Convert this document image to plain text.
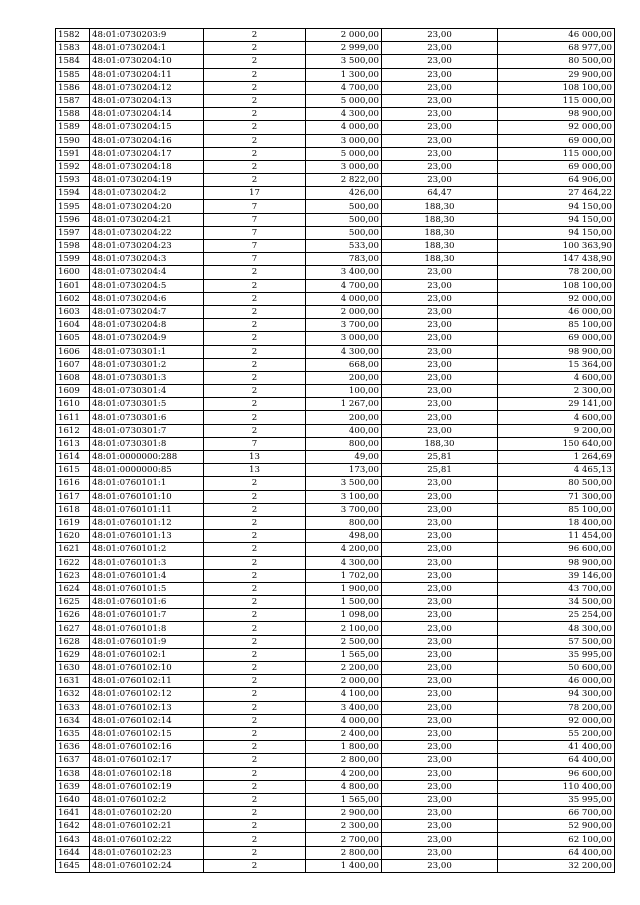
1582	48:01:0730203:9	2	2 000,00	23,00	46 000,00
1583	48:01:0730204:1	2	2 999,00	23,00	68 977,00
1584	48:01:0730204:10	2	3 500,00	23,00	80 500,00
1585	48:01:0730204:11	2	1 300,00	23,00	29 900,00
1586	48:01:0730204:12	2	4 700,00	23,00	108 100,00
1587	48:01:0730204:13	2	5 000,00	23,00	115 000,00
1588	48:01:0730204:14	2	4 300,00	23,00	98 900,00
1589	48:01:0730204:15	2	4 000,00	23,00	92 000,00
1590	48:01:0730204:16	2	3 000,00	23,00	69 000,00
1591	48:01:0730204:17	2	5 000,00	23,00	115 000,00
1592	48:01:0730204:18	2	3 000,00	23,00	69 000,00
1593	48:01:0730204:19	2	2 822,00	23,00	64 906,00
1594	48:01:0730204:2	17	426,00	64,47	27 464,22
1595	48:01:0730204:20	7	500,00	188,30	94 150,00
1596	48:01:0730204:21	7	500,00	188,30	94 150,00
1597	48:01:0730204:22	7	500,00	188,30	94 150,00
1598	48:01:0730204:23	7	533,00	188,30	100 363,90
1599	48:01:0730204:3	7	783,00	188,30	147 438,90
1600	48:01:0730204:4	2	3 400,00	23,00	78 200,00
1601	48:01:0730204:5	2	4 700,00	23,00	108 100,00
1602	48:01:0730204:6	2	4 000,00	23,00	92 000,00
1603	48:01:0730204:7	2	2 000,00	23,00	46 000,00
1604	48:01:0730204:8	2	3 700,00	23,00	85 100,00
1605	48:01:0730204:9	2	3 000,00	23,00	69 000,00
1606	48:01:0730301:1	2	4 300,00	23,00	98 900,00
1607	48:01:0730301:2	2	668,00	23,00	15 364,00
1608	48:01:0730301:3	2	200,00	23,00	4 600,00
1609	48:01:0730301:4	2	100,00	23,00	2 300,00
1610	48:01:0730301:5	2	1 267,00	23,00	29 141,00
1611	48:01:0730301:6	2	200,00	23,00	4 600,00
1612	48:01:0730301:7	2	400,00	23,00	9 200,00
1613	48:01:0730301:8	7	800,00	188,30	150 640,00
1614	48:01:0000000:288	13	49,00	25,81	1 264,69
1615	48:01:0000000:85	13	173,00	25,81	4 465,13
1616	48:01:0760101:1	2	3 500,00	23,00	80 500,00
1617	48:01:0760101:10	2	3 100,00	23,00	71 300,00
1618	48:01:0760101:11	2	3 700,00	23,00	85 100,00
1619	48:01:0760101:12	2	800,00	23,00	18 400,00
1620	48:01:0760101:13	2	498,00	23,00	11 454,00
1621	48:01:0760101:2	2	4 200,00	23,00	96 600,00
1622	48:01:0760101:3	2	4 300,00	23,00	98 900,00
1623	48:01:0760101:4	2	1 702,00	23,00	39 146,00
1624	48:01:0760101:5	2	1 900,00	23,00	43 700,00
1625	48:01:0760101:6	2	1 500,00	23,00	34 500,00
1626	48:01:0760101:7	2	1 098,00	23,00	25 254,00
1627	48:01:0760101:8	2	2 100,00	23,00	48 300,00
1628	48:01:0760101:9	2	2 500,00	23,00	57 500,00
1629	48:01:0760102:1	2	1 565,00	23,00	35 995,00
1630	48:01:0760102:10	2	2 200,00	23,00	50 600,00
1631	48:01:0760102:11	2	2 000,00	23,00	46 000,00
1632	48:01:0760102:12	2	4 100,00	23,00	94 300,00
1633	48:01:0760102:13	2	3 400,00	23,00	78 200,00
1634	48:01:0760102:14	2	4 000,00	23,00	92 000,00
1635	48:01:0760102:15	2	2 400,00	23,00	55 200,00
1636	48:01:0760102:16	2	1 800,00	23,00	41 400,00
1637	48:01:0760102:17	2	2 800,00	23,00	64 400,00
1638	48:01:0760102:18	2	4 200,00	23,00	96 600,00
1639	48:01:0760102:19	2	4 800,00	23,00	110 400,00
1640	48:01:0760102:2	2	1 565,00	23,00	35 995,00
1641	48:01:0760102:20	2	2 900,00	23,00	66 700,00
1642	48:01:0760102:21	2	2 300,00	23,00	52 900,00
1643	48:01:0760102:22	2	2 700,00	23,00	62 100,00
1644	48:01:0760102:23	2	2 800,00	23,00	64 400,00
1645	48:01:0760102:24	2	1 400,00	23,00	32 200,00
